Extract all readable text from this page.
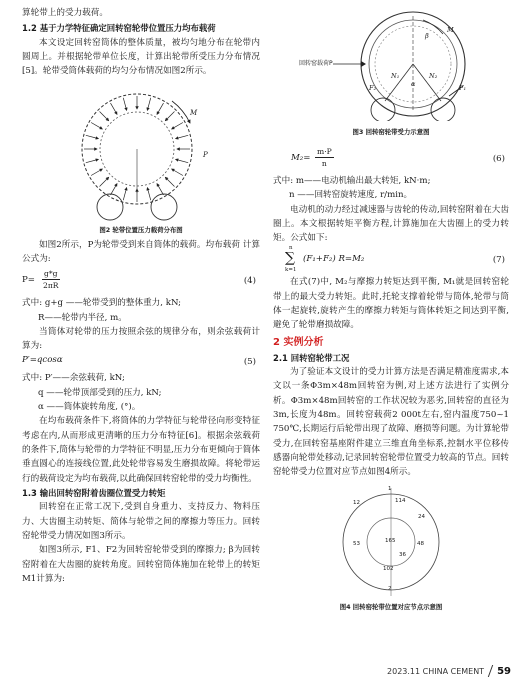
算轮带上的受力载荷。

1.2 基于力学特征确定回转窑轮带位置压力均布载荷

本文设定回转窑筒体的整体质量，被均匀地分布在轮带内圆周上。并根据轮带单位长度，计算出轮带所受压力分布情况[5]。轮带受筒体载荷的均匀分布情况如图2所示。

M
P

图2 轮带位置压力载荷分布图

如图2所示，P为轮带受到来自筒体的载荷。均布载荷 计算公式为:

$P= \frac{g*g}{2\pi R}$	(4)

式中: g+g ——轮带受到的整体重力, kN;

R——轮带内半径, m。

当筒体对轮带的压力按照余弦的规律分布，则余弦载荷计算为:

P′=qcosα	(5)

式中: P′——余弦载荷, kN;

q ——轮带顶部受到的压力, kN;

α ——筒体旋转角度, (°)。

在均布载荷条件下,将筒体的力学特征与轮带径向形变特征考虑在内,从而形成更清晰的压力分布特征[6]。根据余弦载荷的条件下,筒体与轮带的力学特征不明显,压力分布更倾向于简体垂直圆心的连接线位置,此处轮带容易发生磨损故障。将轮带运行的载荷设定为均布载荷,以此确保回转窑轮带的受力均衡性。

1.3 输出回转窑附着齿圈位置受力转矩

回转窑在正常工况下,受到自身重力、支持反力、物料压力、大齿圈主动转矩、简体与轮带之间的摩擦力等压力。回转窑轮带受力情况如图3所示。

如图3所示, F1、F2为回转窑轮带受到的摩擦力; β为回转窑附着在大齿圈的旋转角度。回转窑筒体施加在轮带上的转矩M1计算为:

回转窑载荷P
β
N₁	N₂
α	F₁
F₂
M

图3 回转窑轮带受力示意图

$M_2= \frac{m\cdot P}{n}$	(6)

式中: m——电动机输出最大转矩, kN·m;

n ——回转窑旋转速度, r/min。

电动机的动力经过减速器与齿轮的传动,回转窑附着在大齿圈上。本文根据转矩平衡方程,计算施加在大齿圈上的受力转矩。公式如下:

n
∑
k=1
(F₁+F₂) R=M₂	(7)

在式(7)中, M₂与摩擦力转矩达到平衡, M₁就是回转窑轮带上的最大受力转矩。此时,托轮支撑着轮带与筒体,轮带与筒体一起旋转,旋转产生的摩擦力转矩与筒体转矩之间达到平衡,避免了轮带磨损故障。

2 实例分析

2.1 回转窑轮带工况

为了验证本文设计的受力计算方法是否满足精准度需求,本文以一条Φ3m×48m回转窑为例,对上述方法进行了实例分析。Φ3m×48m回转窑的工作状况较为恶劣,回转窑的直径为3m,长度为48m。回转窑载荷2 000t左右,窑内温度750~1 750℃,长期运行后轮带出现了故障、磨损等问题。为计算轮带受力,在回转窑基座附件建立三维直角坐标系,控制水平位移传感器向轮带处移动,记录回转窑轮带位置受力较高的节点。回转窑轮带受力位置对应节点如图4所示。

1
12	114
24
53	165	48
36
102
2

图4 回转窑轮带位置对应节点示意图

2023.11 CHINA CEMENT 59
